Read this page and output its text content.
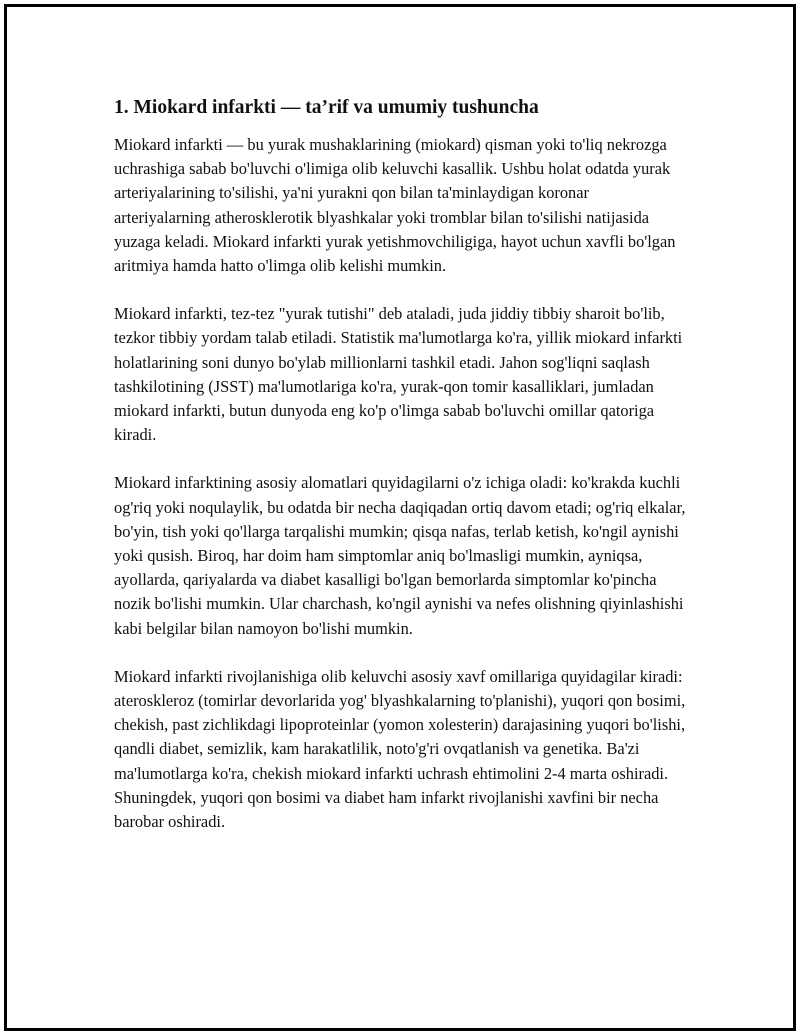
1. Miokard infarkti — ta’rif va umumiy tushuncha

Miokard infarkti — bu yurak mushaklarining (miokard) qisman yoki to'liq nekrozga uchrashiga sabab bo'luvchi o'limiga olib keluvchi kasallik. Ushbu holat odatda yurak arteriyalarining to'silishi, ya'ni yurakni qon bilan ta'minlaydigan koronar arteriyalarning atherosklerotik blyashkalar yoki tromblar bilan to'silishi natijasida yuzaga keladi. Miokard infarkti yurak yetishmovchiligiga, hayot uchun xavfli bo'lgan aritmiya hamda hatto o'limga olib kelishi mumkin.

Miokard infarkti, tez-tez "yurak tutishi" deb ataladi, juda jiddiy tibbiy sharoit bo'lib, tezkor tibbiy yordam talab etiladi. Statistik ma'lumotlarga ko'ra, yillik miokard infarkti holatlarining soni dunyo bo'ylab millionlarni tashkil etadi. Jahon sog'liqni saqlash tashkilotining (JSST) ma'lumotlariga ko'ra, yurak-qon tomir kasalliklari, jumladan miokard infarkti, butun dunyoda eng ko'p o'limga sabab bo'luvchi omillar qatoriga kiradi.

Miokard infarktining asosiy alomatlari quyidagilarni o'z ichiga oladi: ko'krakda kuchli og'riq yoki noqulaylik, bu odatda bir necha daqiqadan ortiq davom etadi; og'riq elkalar, bo'yin, tish yoki qo'llarga tarqalishi mumkin; qisqa nafas, terlab ketish, ko'ngil aynishi yoki qusish. Biroq, har doim ham simptomlar aniq bo'lmasligi mumkin, ayniqsa, ayollarda, qariyalarda va diabet kasalligi bo'lgan bemorlarda simptomlar ko'pincha nozik bo'lishi mumkin. Ular charchash, ko'ngil aynishi va nefes olishning qiyinlashishi kabi belgilar bilan namoyon bo'lishi mumkin.

Miokard infarkti rivojlanishiga olib keluvchi asosiy xavf omillariga quyidagilar kiradi: ateroskleroz (tomirlar devorlarida yog' blyashkalarning to'planishi), yuqori qon bosimi, chekish, past zichlikdagi lipoproteinlar (yomon xolesterin) darajasining yuqori bo'lishi, qandli diabet, semizlik, kam harakatlilik, noto'g'ri ovqatlanish va genetika. Ba'zi ma'lumotlarga ko'ra, chekish miokard infarkti uchrash ehtimolini 2-4 marta oshiradi. Shuningdek, yuqori qon bosimi va diabet ham infarkt rivojlanishi xavfini bir necha barobar oshiradi.
